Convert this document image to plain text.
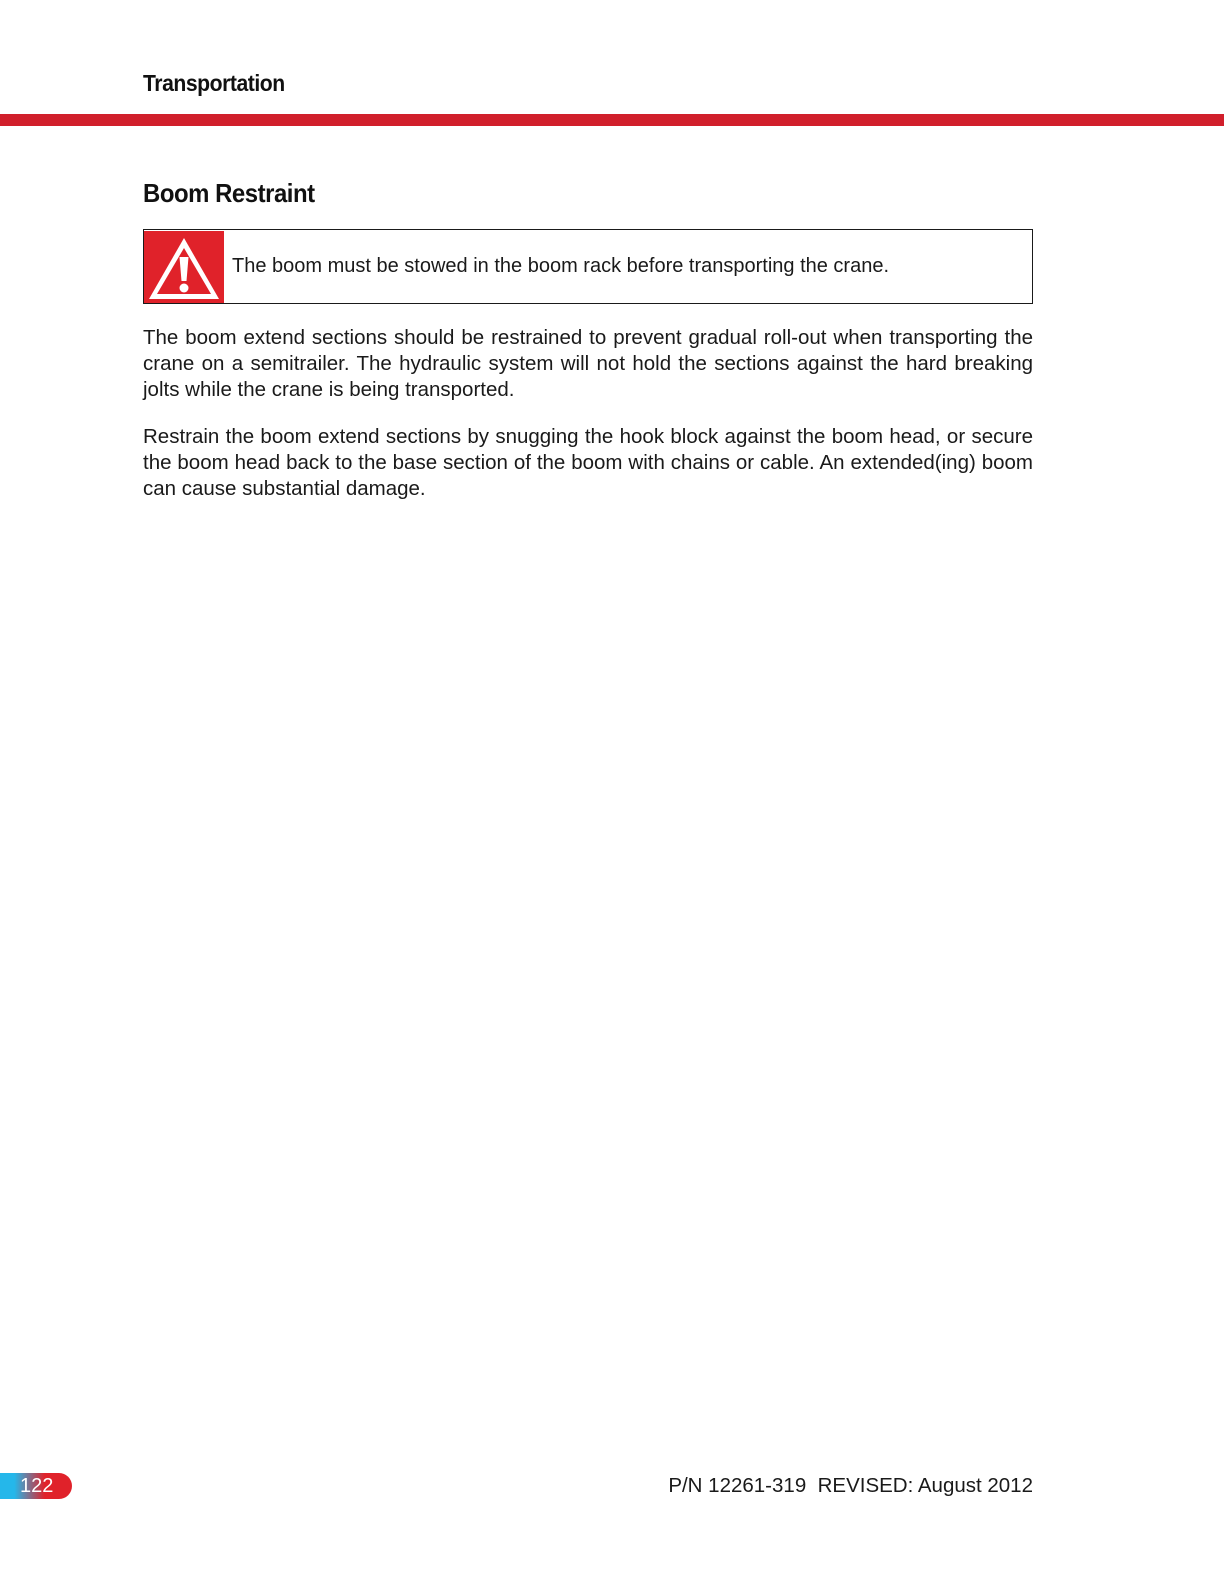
Transportation
Boom Restraint
The boom must be stowed in the boom rack before transporting the crane.

The boom extend sections should be restrained to prevent gradual roll-out when transporting the crane on a semitrailer. The hydraulic system will not hold the sections against the hard breaking jolts while the crane is being transported.

Restrain the boom extend sections by snugging the hook block against the boom head, or secure the boom head back to the base section of the boom with chains or cable. An extended(ing) boom can cause substantial damage.

122	P/N 12261-319  REVISED: August 2012
